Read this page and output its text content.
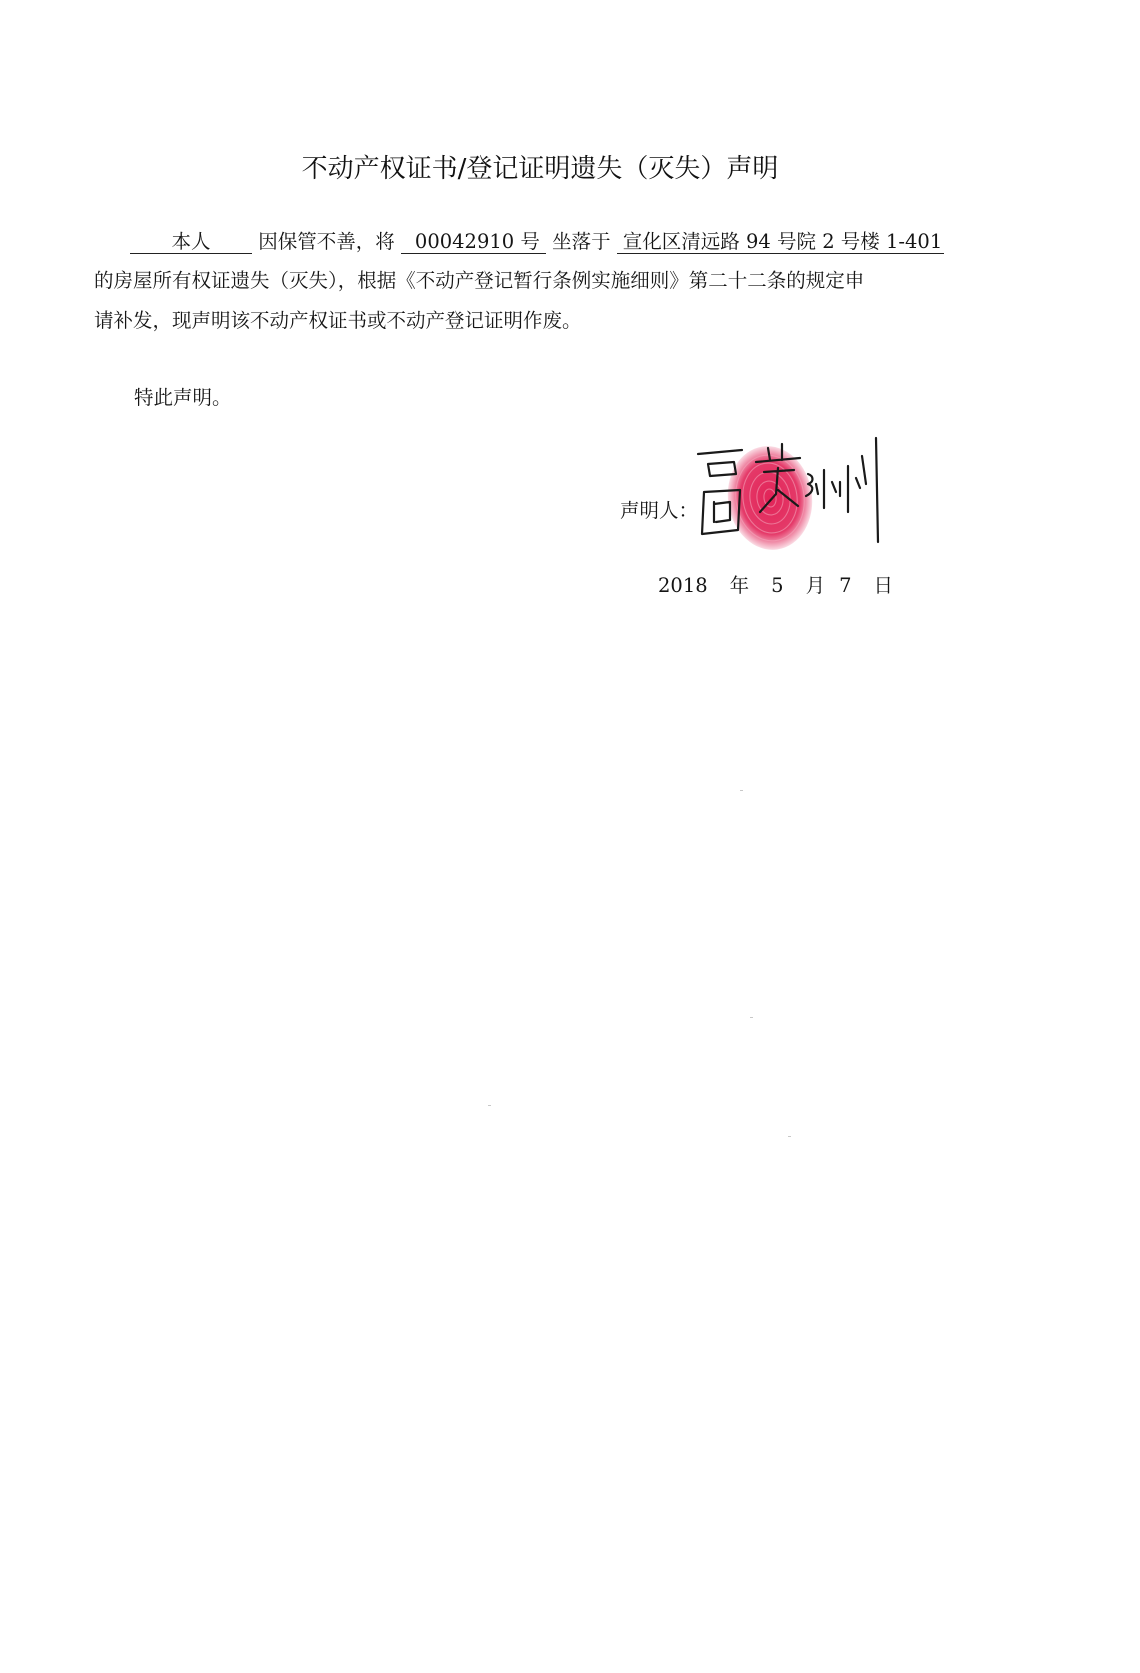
不动产权证书/登记证明遗失（灭失）声明
本人 因保管不善，将 00042910 号 坐落于 宣化区清远路 94 号院 2 号楼 1-401
的房屋所有权证遗失（灭失），根据《不动产登记暂行条例实施细则》第二十二条的规定申
请补发，现声明该不动产权证书或不动产登记证明作废。
特此声明。
声明人：
2018 年 5 月 7 日
